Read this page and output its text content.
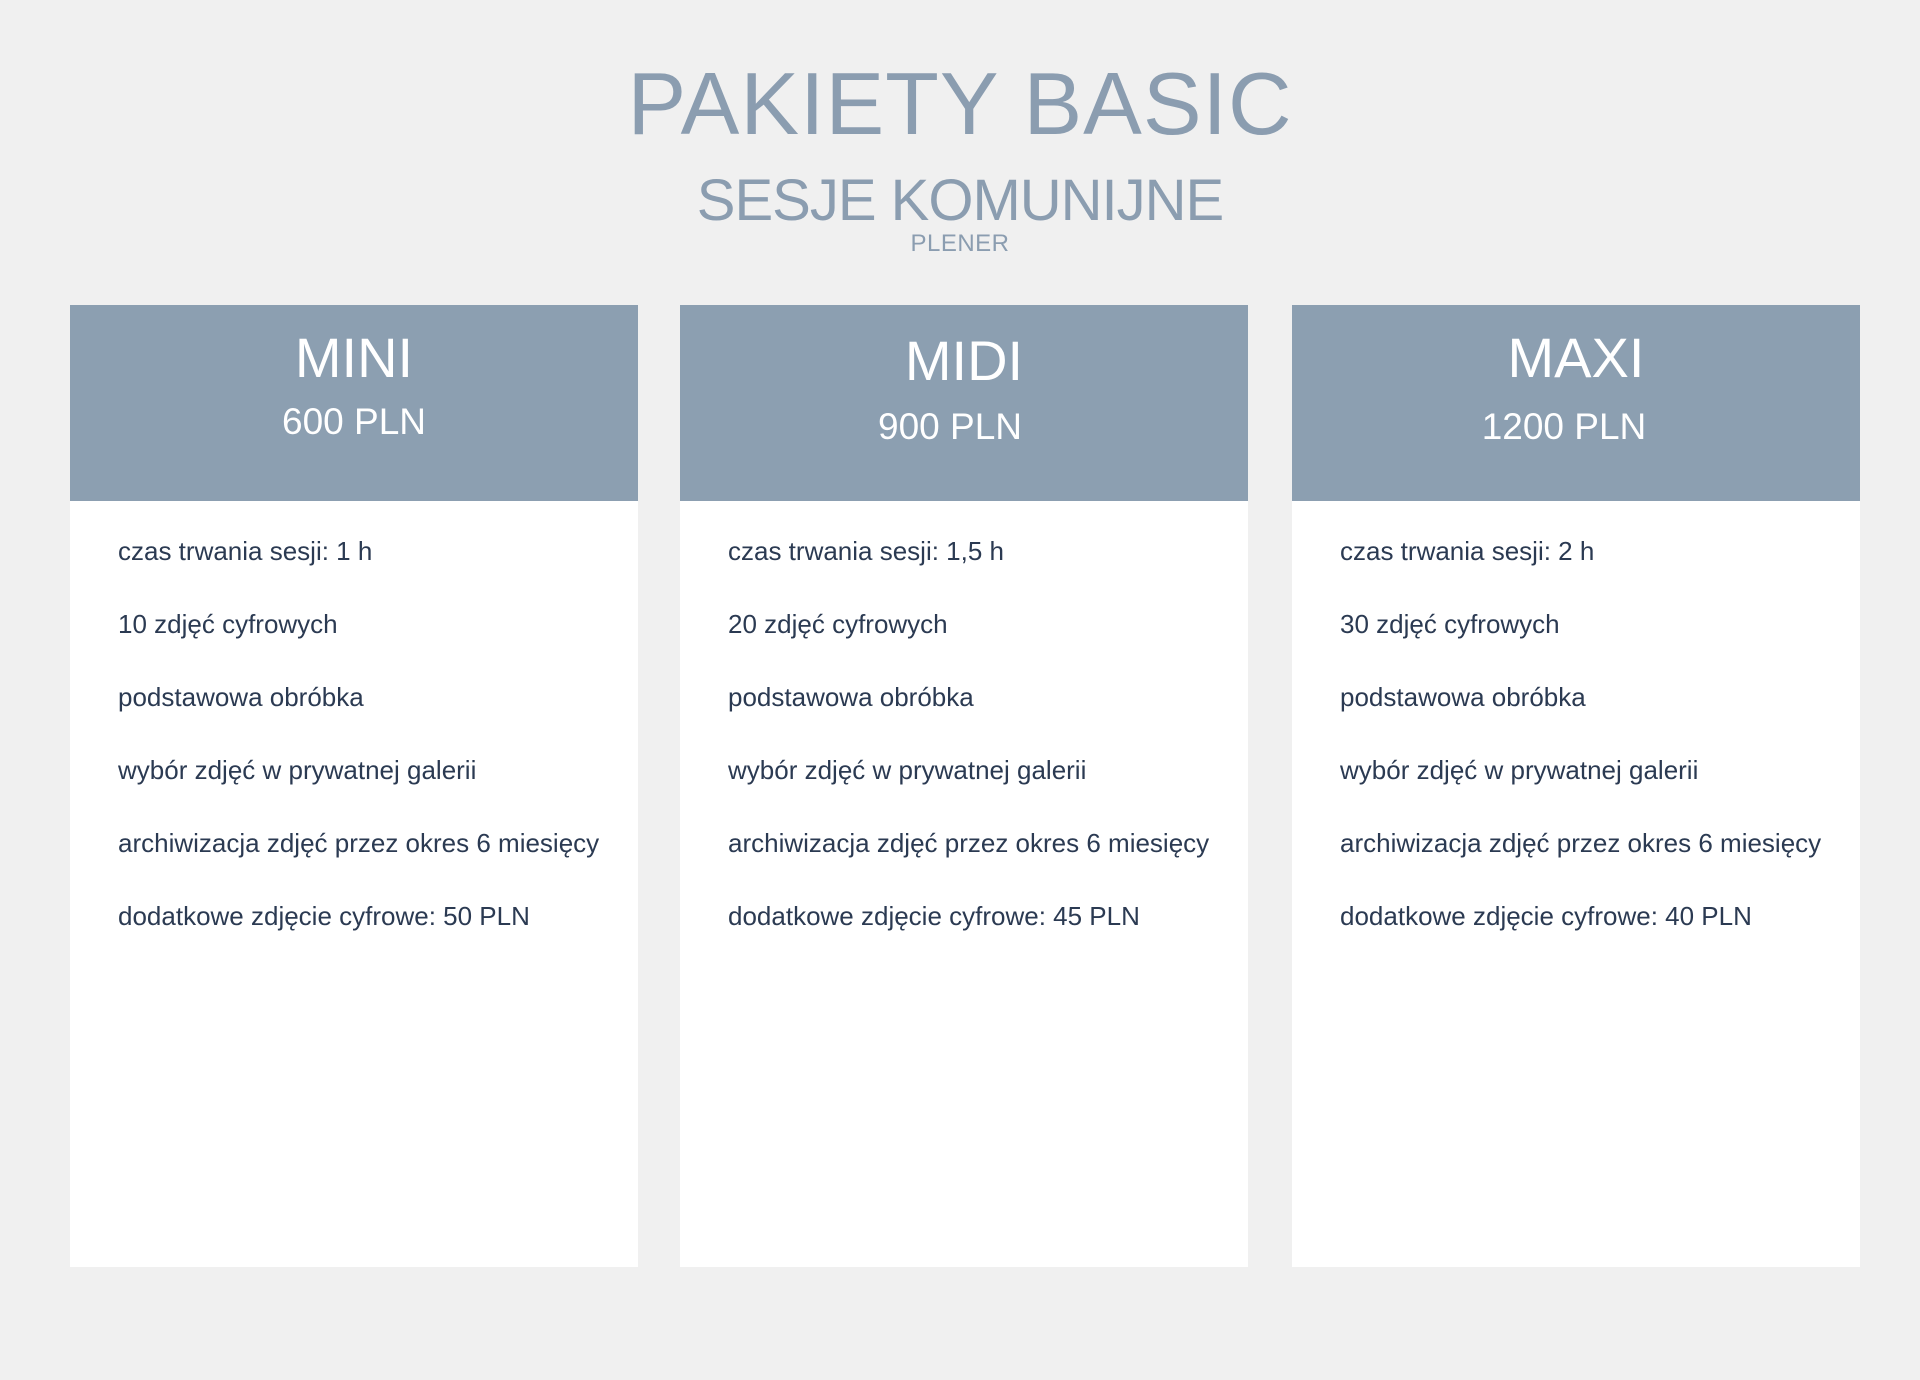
PAKIETY BASIC
SESJE KOMUNIJNE
PLENER
MINI
600 PLN
czas trwania sesji: 1 h
10 zdjęć cyfrowych
podstawowa obróbka
wybór zdjęć w prywatnej galerii
archiwizacja zdjęć przez okres 6 miesięcy
dodatkowe zdjęcie cyfrowe: 50 PLN
MIDI
900 PLN
czas trwania sesji: 1,5 h
20 zdjęć cyfrowych
podstawowa obróbka
wybór zdjęć w prywatnej galerii
archiwizacja zdjęć przez okres 6 miesięcy
dodatkowe zdjęcie cyfrowe: 45 PLN
MAXI
1200 PLN
czas trwania sesji: 2 h
30 zdjęć cyfrowych
podstawowa obróbka
wybór zdjęć w prywatnej galerii
archiwizacja zdjęć przez okres 6 miesięcy
dodatkowe zdjęcie cyfrowe: 40 PLN
